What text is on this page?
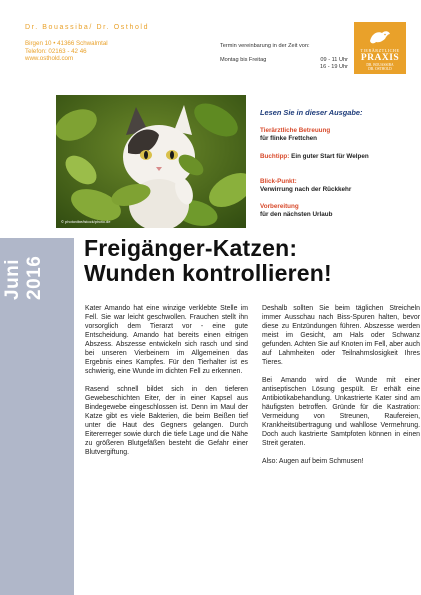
Dr. Bouassiba/ Dr. Osthold
Birgen 10 • 41366 Schwalmtal
Telefon: 02163 - 42 46
www.osthold.com
Termin vereinbarung in der Zeit von:
Montag bis Freitag	09 - 11 Uhr
16 - 19 Uhr
TIERÄRZTLICHE
PRAXIS
DR. BOUASSIBA
DR. OSTHOLD
© photovibe/istock/photo.de
Lesen Sie in dieser Ausgabe:
Tierärztliche Betreuung
für flinke Frettchen
Buchtipp: Ein guter Start für Welpen
Blick-Punkt:
Verwirrung nach der Rückkehr
Vorbereitung
für den nächsten Urlaub
Juni 2016
Freigänger-Katzen:
Wunden kontrollieren!

Kater Amando hat eine winzige verklebte Stelle im Fell. Sie war leicht geschwollen. Frauchen stellt ihn vorsorglich dem Tierarzt vor - eine gute Entscheidung. Amando hat bereits einen eitrigen Abszess. Abszesse entwickeln sich rasch und sind bei unseren Vierbeinern im Allgemeinen das Ergebnis eines Kampfes. Für den Tierhalter ist es schwierig, eine Wunde im dichten Fell zu erkennen.

Rasend schnell bildet sich in den tieferen Gewebeschichten Eiter, der in einer Kapsel aus Bindegewebe eingeschlossen ist. Denn im Maul der Katze gibt es viele Bakterien, die beim Beißen tief unter die Haut des Gegners gelangen. Durch Eitererreger sowie durch die tiefe Lage und die Nähe zu größeren Blutgefäßen besteht die Gefahr einer Blutvergiftung.

Deshalb sollten Sie beim täglichen Streicheln immer Ausschau nach Biss-Spuren halten, bevor diese zu Entzündungen führen. Abszesse werden meist im Gesicht, am Hals oder Schwanz gefunden. Achten Sie auf Knoten im Fell, aber auch auf Lahmheiten oder Teilnahmslosigkeit Ihres Tieres.

Bei Amando wird die Wunde mit einer antiseptischen Lösung gespült. Er erhält eine Antibiotikabehandlung. Unkastrierte Kater sind am häufigsten betroffen. Gründe für die Kastration: Vermeidung von Streunen, Raufereien, Krankheitsübertragung und wahllose Vermehrung. Doch auch kastrierte Samtpfoten können in einen Streit geraten.

Also: Augen auf beim Schmusen!
